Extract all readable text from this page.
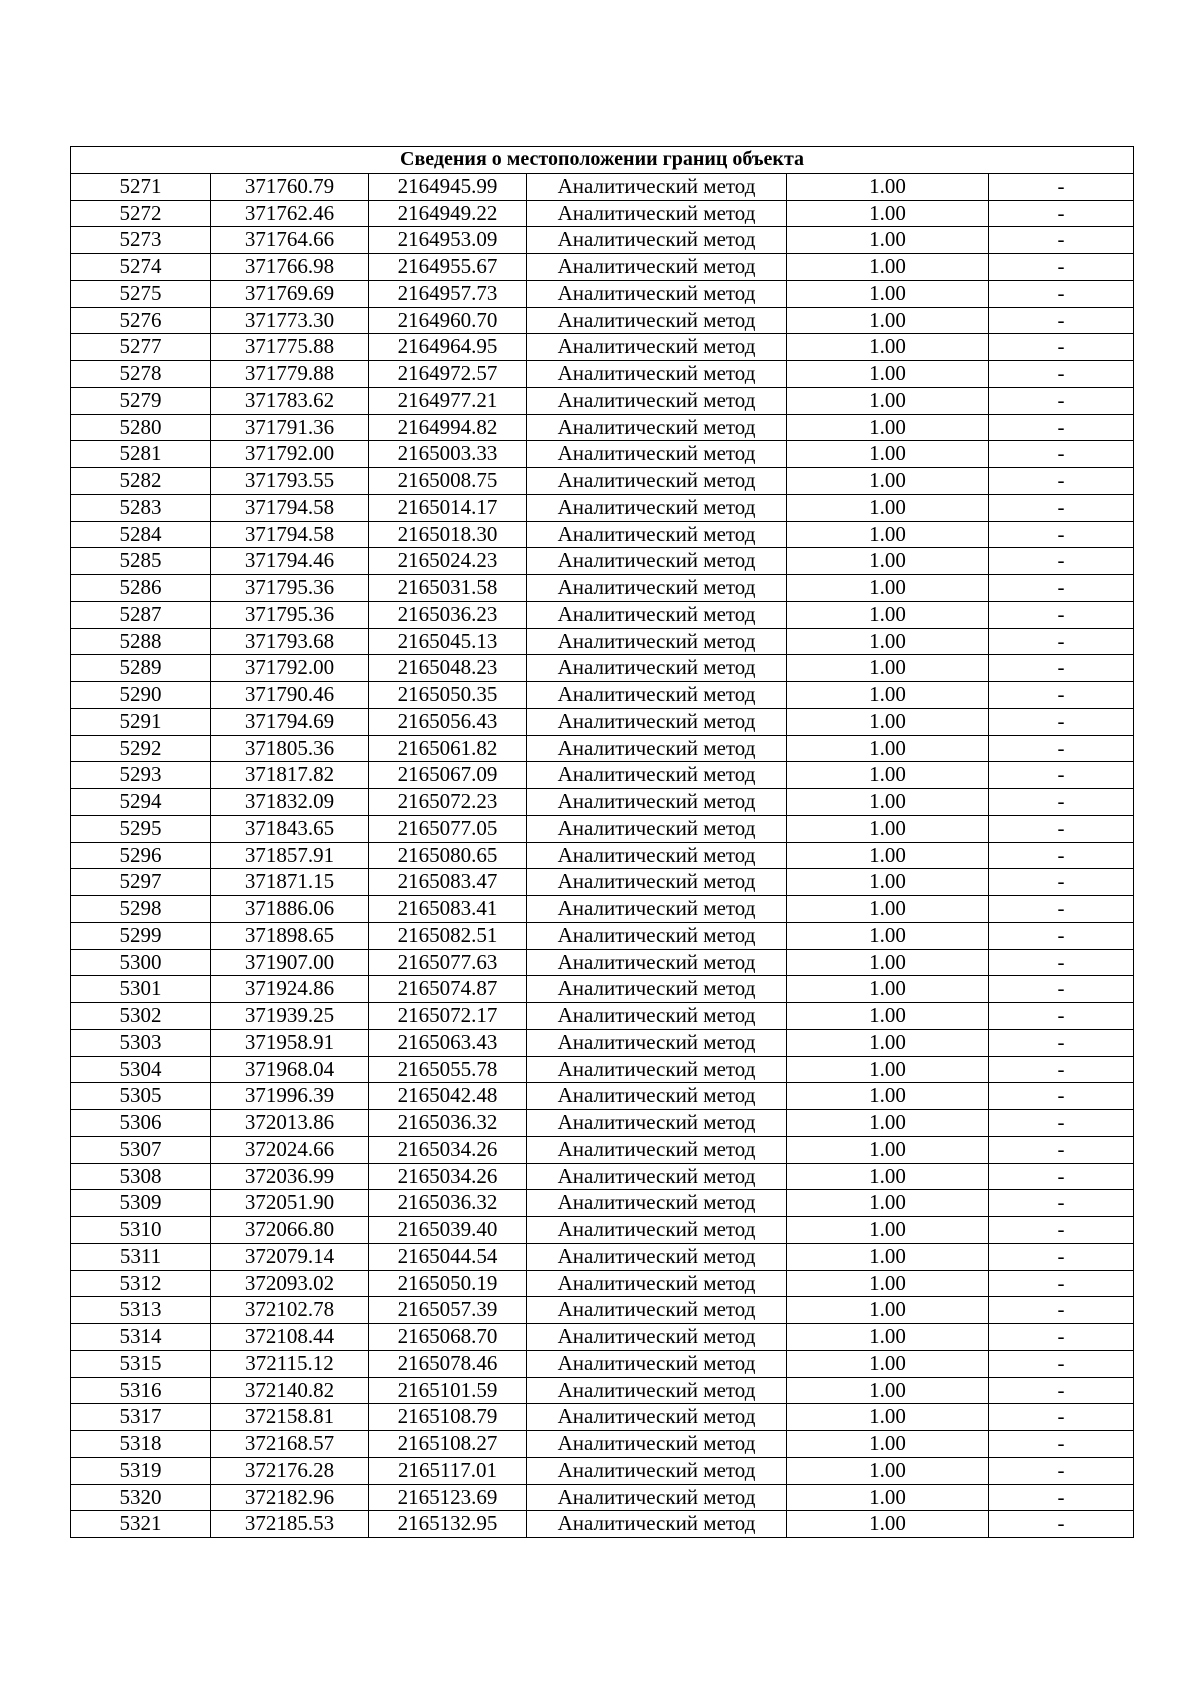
Сведения о местоположении границ объекта					
5271	371760.79	2164945.99	Аналитический метод	1.00	-
5272	371762.46	2164949.22	Аналитический метод	1.00	-
5273	371764.66	2164953.09	Аналитический метод	1.00	-
5274	371766.98	2164955.67	Аналитический метод	1.00	-
5275	371769.69	2164957.73	Аналитический метод	1.00	-
5276	371773.30	2164960.70	Аналитический метод	1.00	-
5277	371775.88	2164964.95	Аналитический метод	1.00	-
5278	371779.88	2164972.57	Аналитический метод	1.00	-
5279	371783.62	2164977.21	Аналитический метод	1.00	-
5280	371791.36	2164994.82	Аналитический метод	1.00	-
5281	371792.00	2165003.33	Аналитический метод	1.00	-
5282	371793.55	2165008.75	Аналитический метод	1.00	-
5283	371794.58	2165014.17	Аналитический метод	1.00	-
5284	371794.58	2165018.30	Аналитический метод	1.00	-
5285	371794.46	2165024.23	Аналитический метод	1.00	-
5286	371795.36	2165031.58	Аналитический метод	1.00	-
5287	371795.36	2165036.23	Аналитический метод	1.00	-
5288	371793.68	2165045.13	Аналитический метод	1.00	-
5289	371792.00	2165048.23	Аналитический метод	1.00	-
5290	371790.46	2165050.35	Аналитический метод	1.00	-
5291	371794.69	2165056.43	Аналитический метод	1.00	-
5292	371805.36	2165061.82	Аналитический метод	1.00	-
5293	371817.82	2165067.09	Аналитический метод	1.00	-
5294	371832.09	2165072.23	Аналитический метод	1.00	-
5295	371843.65	2165077.05	Аналитический метод	1.00	-
5296	371857.91	2165080.65	Аналитический метод	1.00	-
5297	371871.15	2165083.47	Аналитический метод	1.00	-
5298	371886.06	2165083.41	Аналитический метод	1.00	-
5299	371898.65	2165082.51	Аналитический метод	1.00	-
5300	371907.00	2165077.63	Аналитический метод	1.00	-
5301	371924.86	2165074.87	Аналитический метод	1.00	-
5302	371939.25	2165072.17	Аналитический метод	1.00	-
5303	371958.91	2165063.43	Аналитический метод	1.00	-
5304	371968.04	2165055.78	Аналитический метод	1.00	-
5305	371996.39	2165042.48	Аналитический метод	1.00	-
5306	372013.86	2165036.32	Аналитический метод	1.00	-
5307	372024.66	2165034.26	Аналитический метод	1.00	-
5308	372036.99	2165034.26	Аналитический метод	1.00	-
5309	372051.90	2165036.32	Аналитический метод	1.00	-
5310	372066.80	2165039.40	Аналитический метод	1.00	-
5311	372079.14	2165044.54	Аналитический метод	1.00	-
5312	372093.02	2165050.19	Аналитический метод	1.00	-
5313	372102.78	2165057.39	Аналитический метод	1.00	-
5314	372108.44	2165068.70	Аналитический метод	1.00	-
5315	372115.12	2165078.46	Аналитический метод	1.00	-
5316	372140.82	2165101.59	Аналитический метод	1.00	-
5317	372158.81	2165108.79	Аналитический метод	1.00	-
5318	372168.57	2165108.27	Аналитический метод	1.00	-
5319	372176.28	2165117.01	Аналитический метод	1.00	-
5320	372182.96	2165123.69	Аналитический метод	1.00	-
5321	372185.53	2165132.95	Аналитический метод	1.00	-
